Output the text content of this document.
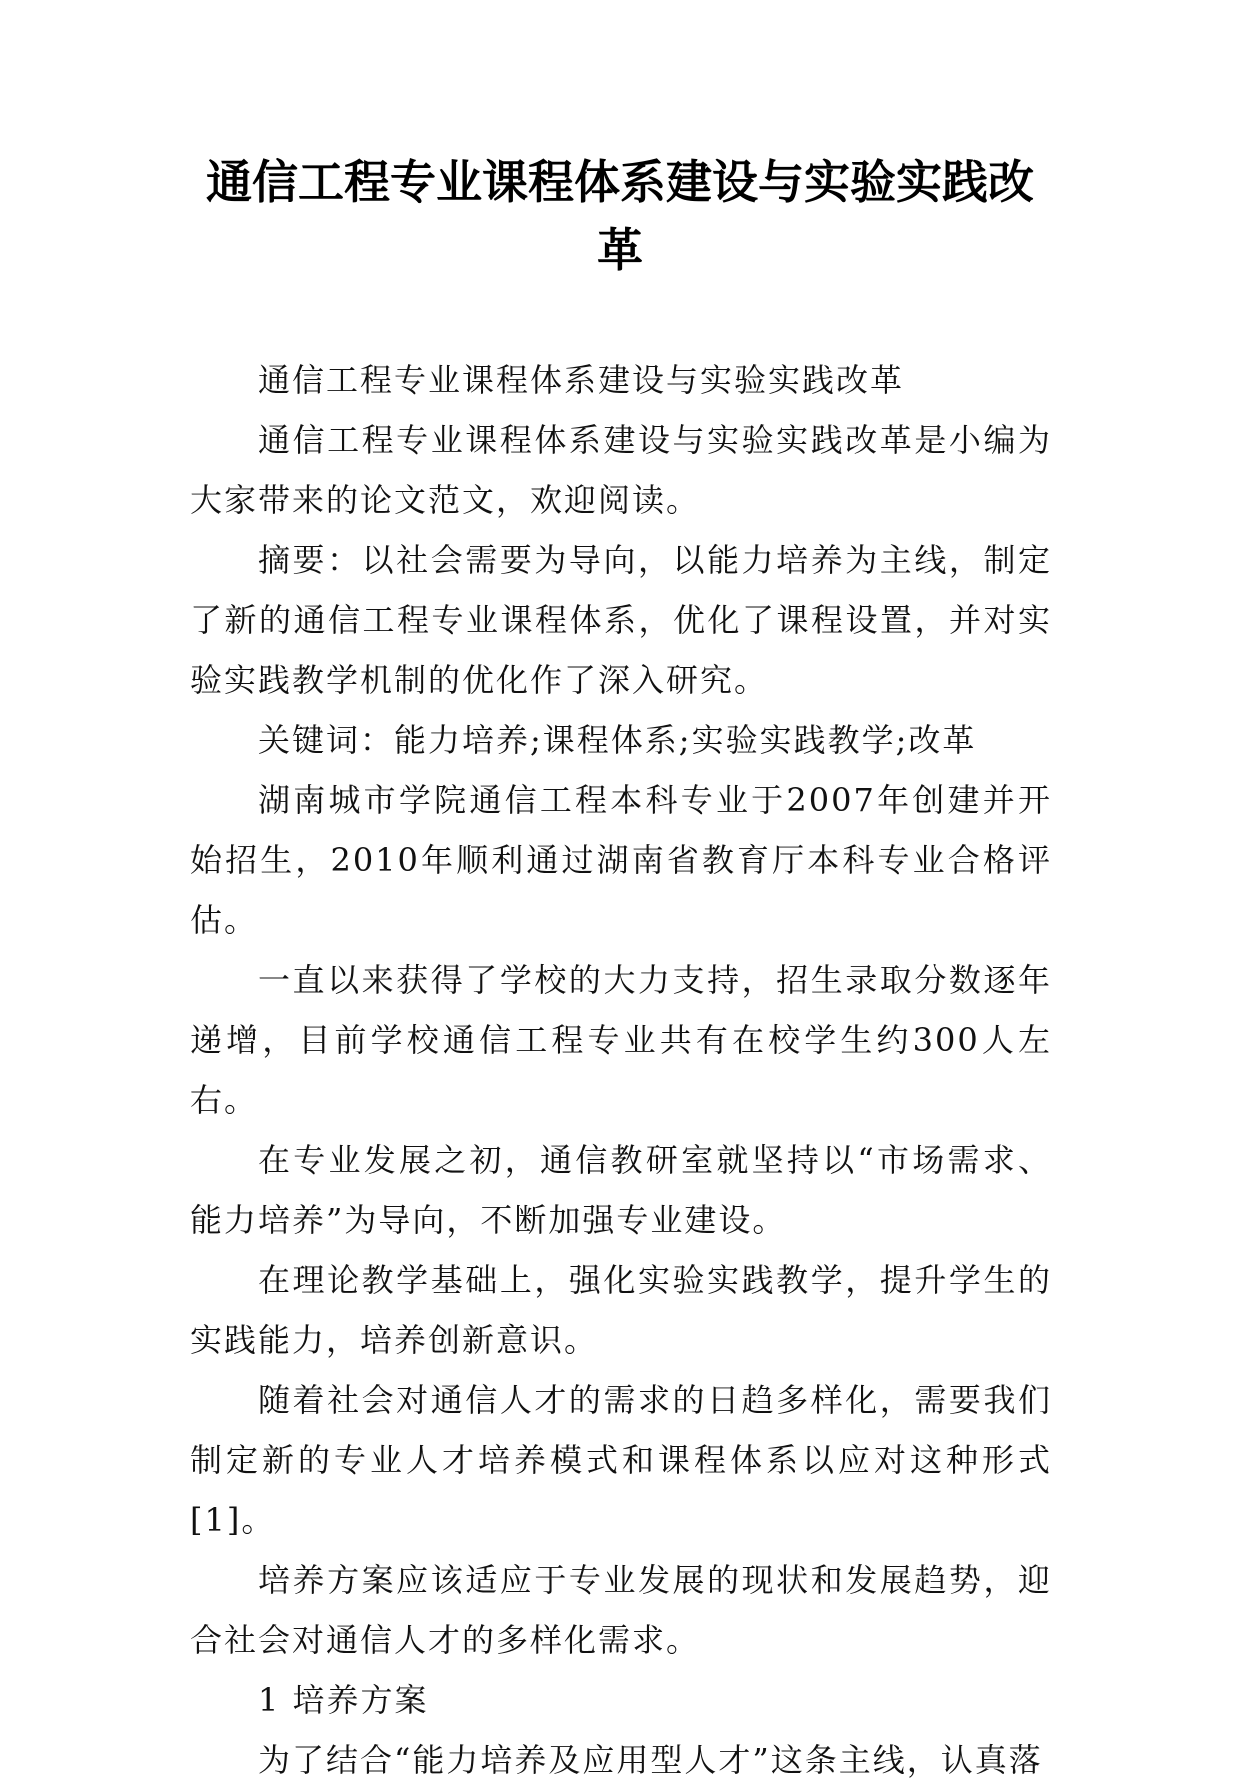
通信工程专业课程体系建设与实验实践改革

通信工程专业课程体系建设与实验实践改革

通信工程专业课程体系建设与实验实践改革是小编为大家带来的论文范文，欢迎阅读。

摘要：以社会需要为导向，以能力培养为主线，制定了新的通信工程专业课程体系，优化了课程设置，并对实验实践教学机制的优化作了深入研究。

关键词：能力培养;课程体系;实验实践教学;改革

湖南城市学院通信工程本科专业于2007年创建并开始招生，2010年顺利通过湖南省教育厅本科专业合格评估。

一直以来获得了学校的大力支持，招生录取分数逐年递增，目前学校通信工程专业共有在校学生约300人左右。

在专业发展之初，通信教研室就坚持以“市场需求、能力培养”为导向，不断加强专业建设。

在理论教学基础上，强化实验实践教学，提升学生的实践能力，培养创新意识。

随着社会对通信人才的需求的日趋多样化，需要我们制定新的专业人才培养模式和课程体系以应对这种形式[1]。

培养方案应该适应于专业发展的现状和发展趋势，迎合社会对通信人才的多样化需求。

1 培养方案

为了结合“能力培养及应用型人才”这条主线，认真落
